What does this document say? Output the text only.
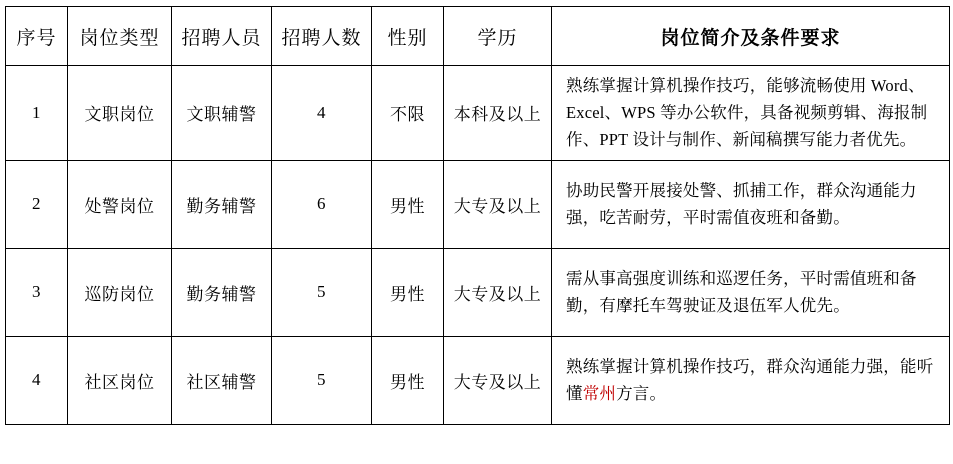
序号	岗位类型	招聘人员	招聘人数	性别	学历	岗位简介及条件要求
1	文职岗位	文职辅警	4	不限	本科及以上	熟练掌握计算机操作技巧，能够流畅使用 Word、Excel、WPS 等办公软件，具备视频剪辑、海报制作、PPT 设计与制作、新闻稿撰写能力者优先。

2	处警岗位	勤务辅警	6	男性	大专及以上	协助民警开展接处警、抓捕工作，群众沟通能力强，吃苦耐劳，平时需值夜班和备勤。

3	巡防岗位	勤务辅警	5	男性	大专及以上	需从事高强度训练和巡逻任务，平时需值班和备勤，有摩托车驾驶证及退伍军人优先。

4	社区岗位	社区辅警	5	男性	大专及以上	熟练掌握计算机操作技巧，群众沟通能力强，能听懂常州方言。
